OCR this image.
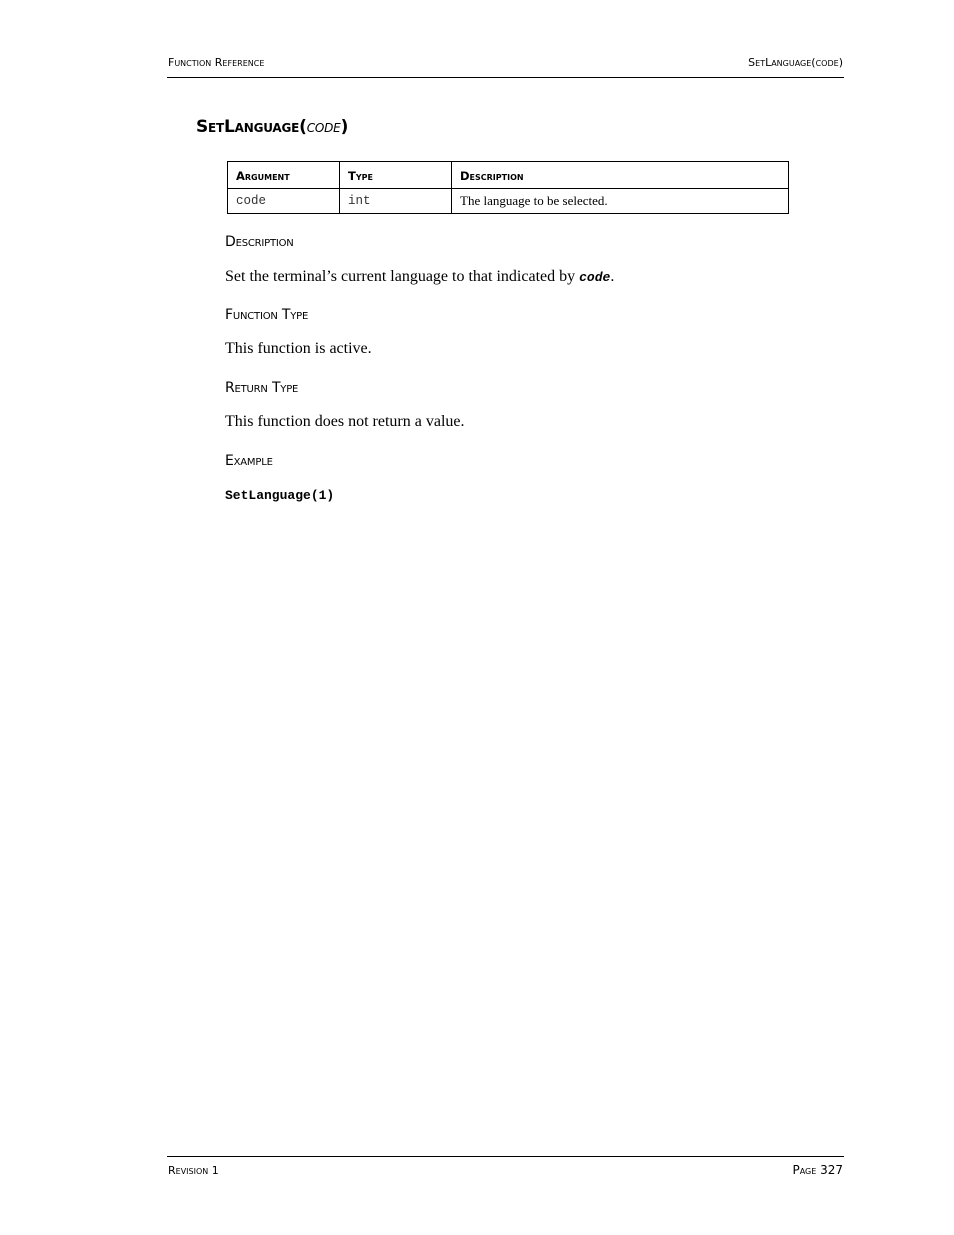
Function Reference	SetLanguage(code)
SetLanguage(code)
Argument	Type	Description
code	int	The language to be selected.
Description
Set the terminal’s current language to that indicated by code.
Function Type
This function is active.
Return Type
This function does not return a value.
Example
SetLanguage(1)
Revision 1	Page 327
